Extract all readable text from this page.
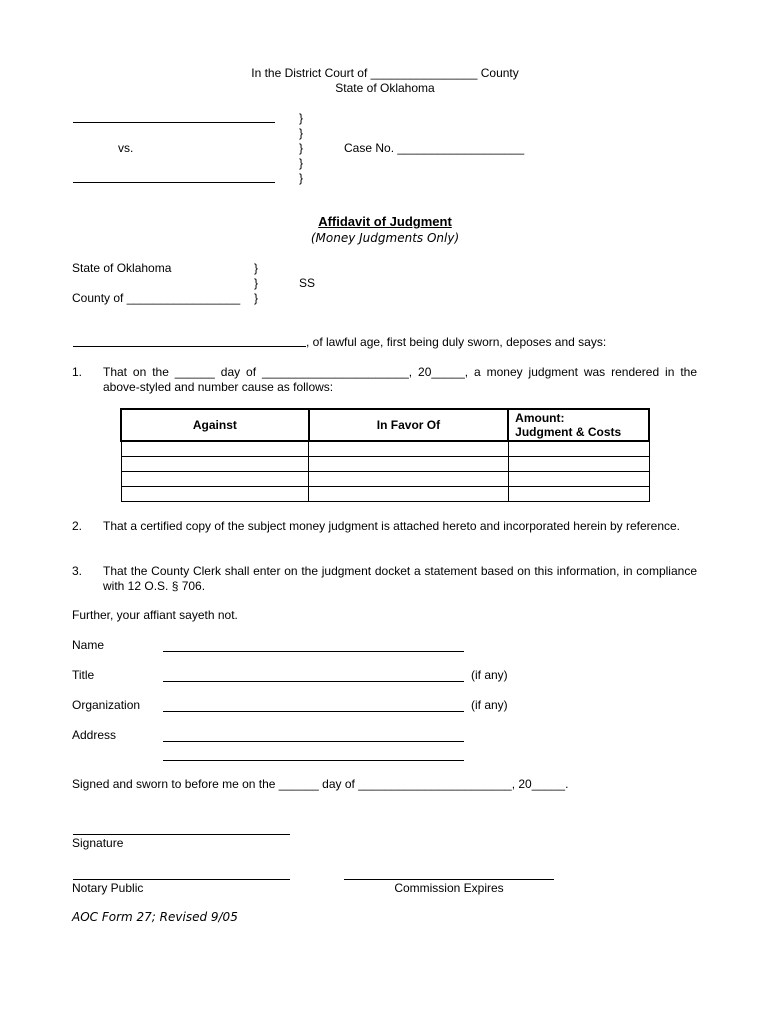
In the District Court of ________________ County
State of Oklahoma
vs.
}
}
}
}
}
Case No. ___________________
Affidavit of Judgment
(Money Judgments Only)
State of Oklahoma
County of _________________
}
}
}
SS
, of lawful age, first being duly sworn, deposes and says:
1. That on the ______ day of ______________________, 20_____, a money judgment was rendered in the above-styled and number cause as follows:
Against	In Favor Of	Amount:
Judgment & Costs

2. That a certified copy of the subject money judgment is attached hereto and incorporated herein by reference.
3. That the County Clerk shall enter on the judgment docket a statement based on this information, in compliance with 12 O.S. § 706.
Further, your affiant sayeth not.
Name
Title	(if any)
Organization	(if any)
Address
Signed and sworn to before me on the ______ day of _______________________, 20_____.
Signature
Notary Public	Commission Expires
AOC Form 27; Revised 9/05
